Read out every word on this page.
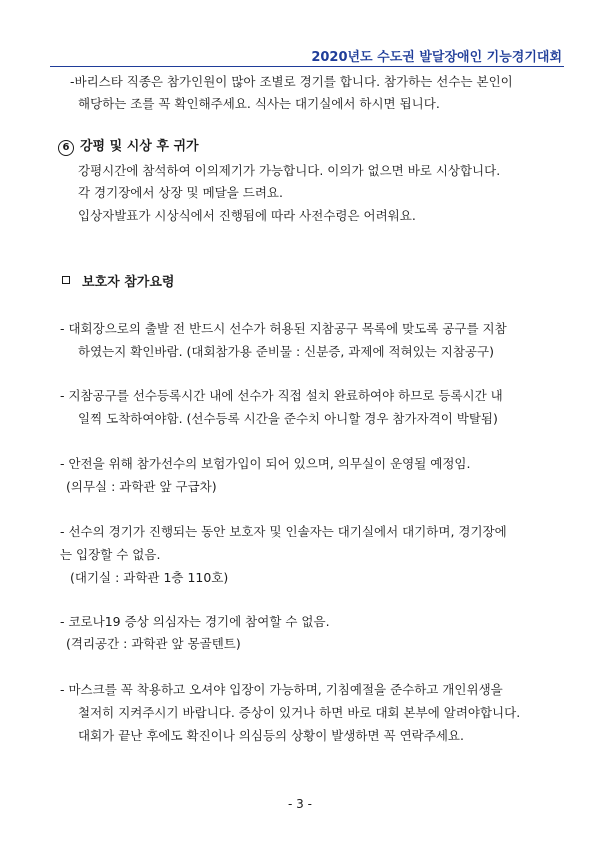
2020년도 수도권 발달장애인 기능경기대회
-바리스타 직종은 참가인원이 많아 조별로 경기를 합니다. 참가하는 선수는 본인이
해당하는 조를 꼭 확인해주세요. 식사는 대기실에서 하시면 됩니다.
6 강평 및 시상 후 귀가
강평시간에 참석하여 이의제기가 가능합니다. 이의가 없으면 바로 시상합니다.
각 경기장에서 상장 및 메달을 드려요.
입상자발표가 시상식에서 진행됨에 따라 사전수령은 어려워요.
보호자 참가요령
- 대회장으로의 출발 전 반드시 선수가 허용된 지참공구 목록에 맞도록 공구를 지참
하였는지 확인바람. (대회참가용 준비물 : 신분증, 과제에 적혀있는 지참공구)
- 지참공구를 선수등록시간 내에 선수가 직접 설치 완료하여야 하므로 등록시간 내
일찍 도착하여야함. (선수등록 시간을 준수치 아니할 경우 참가자격이 박탈됨)
- 안전을 위해 참가선수의 보험가입이 되어 있으며, 의무실이 운영될 예정임.
(의무실 : 과학관 앞 구급차)
- 선수의 경기가 진행되는 동안 보호자 및 인솔자는 대기실에서 대기하며, 경기장에
는 입장할 수 없음.
(대기실 : 과학관 1층 110호)
- 코로나19 증상 의심자는 경기에 참여할 수 없음.
(격리공간 : 과학관 앞 몽골텐트)
- 마스크를 꼭 착용하고 오셔야 입장이 가능하며, 기침예절을 준수하고 개인위생을
철저히 지켜주시기 바랍니다. 증상이 있거나 하면 바로 대회 본부에 알려야합니다.
대회가 끝난 후에도 확진이나 의심등의 상황이 발생하면 꼭 연락주세요.
- 3 -
